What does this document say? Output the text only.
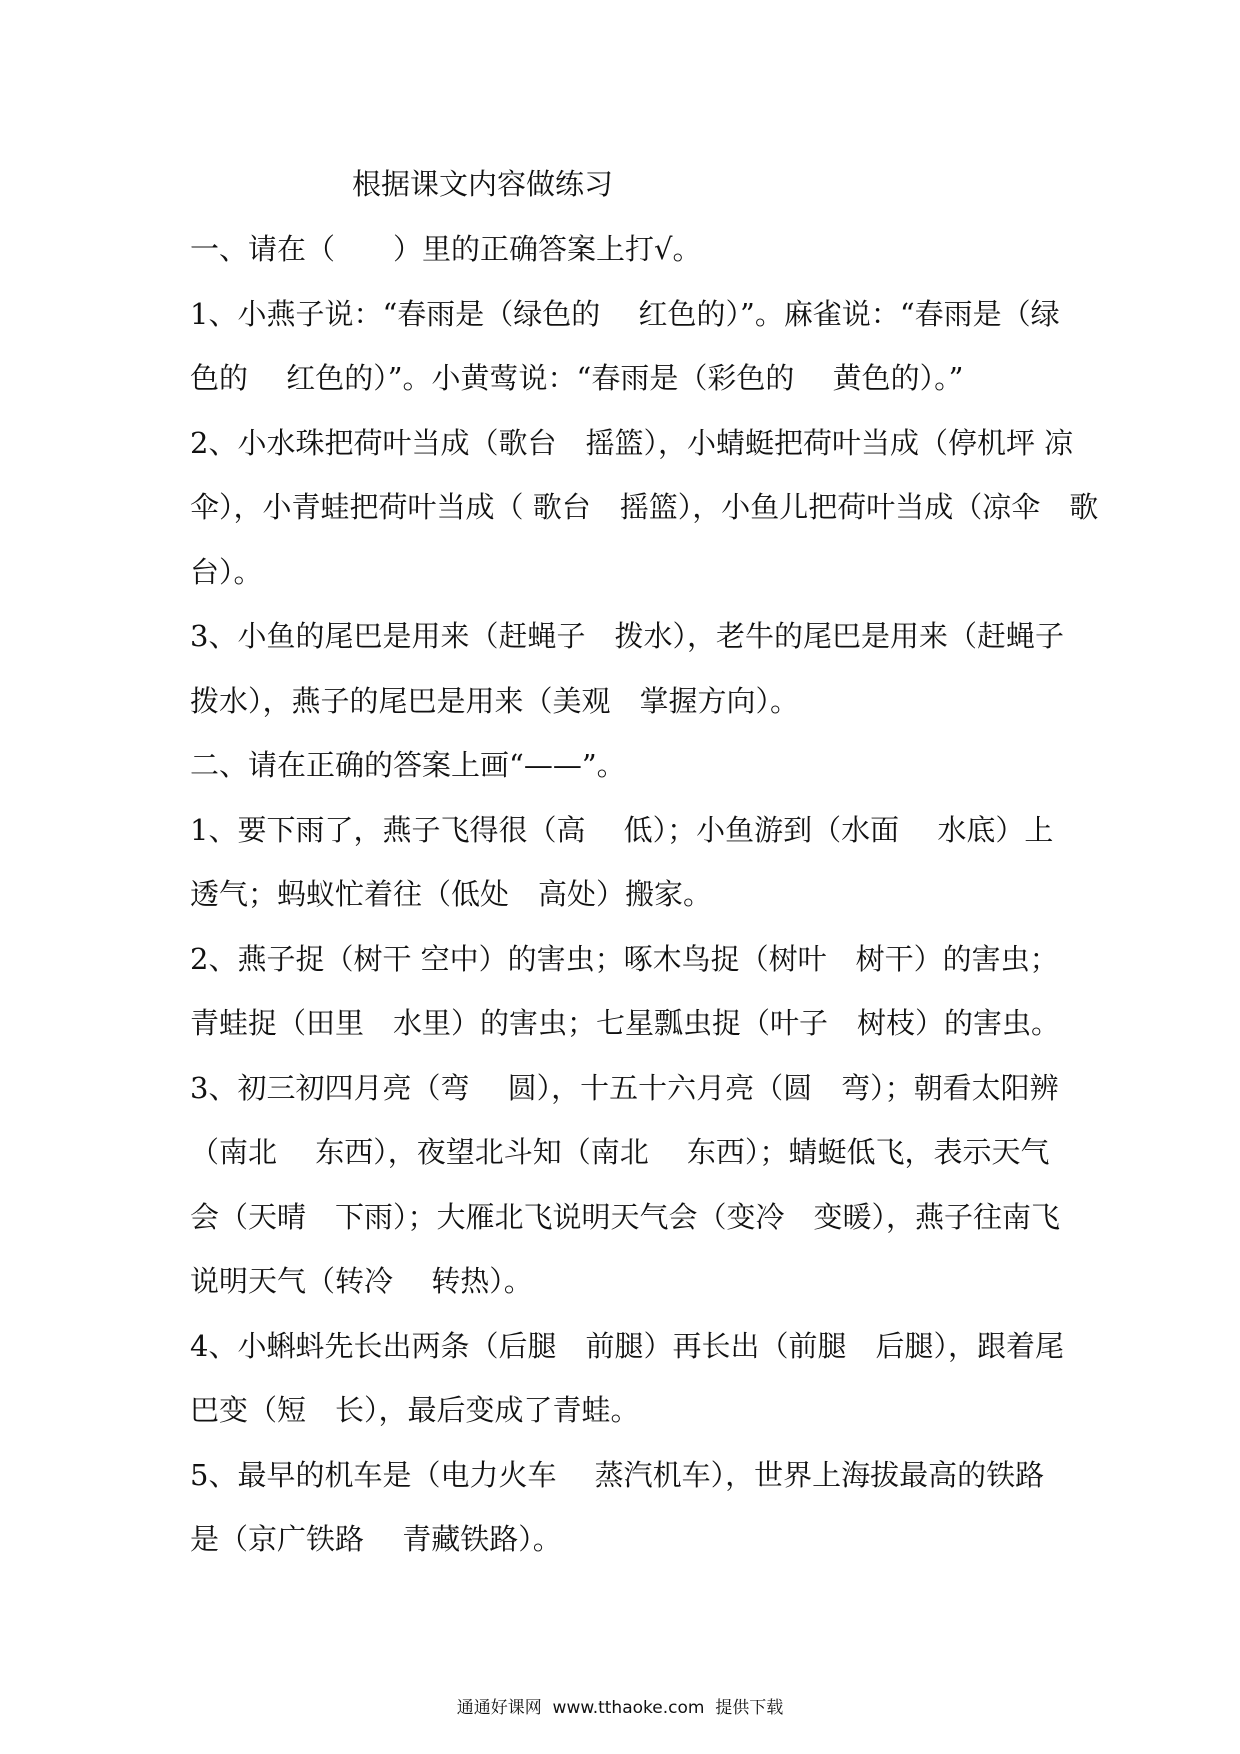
根据课文内容做练习
一、请在（　　）里的正确答案上打√。
1、小燕子说：“春雨是（绿色的　 红色的）”。麻雀说：“春雨是（绿
色的　 红色的）”。小黄莺说：“春雨是（彩色的　 黄色的）。”
2、小水珠把荷叶当成（歌台　摇篮），小蜻蜓把荷叶当成（停机坪 凉
伞），小青蛙把荷叶当成（ 歌台　摇篮），小鱼儿把荷叶当成（凉伞　歌
台）。
3、小鱼的尾巴是用来（赶蝇子　拨水），老牛的尾巴是用来（赶蝇子
拨水），燕子的尾巴是用来（美观　掌握方向）。
二、请在正确的答案上画“——”。
1、要下雨了，燕子飞得很（高　 低）；小鱼游到（水面　 水底）上
透气；蚂蚁忙着往（低处　高处）搬家。
2、燕子捉（树干 空中）的害虫；啄木鸟捉（树叶　树干）的害虫；
青蛙捉（田里　水里）的害虫；七星瓢虫捉（叶子　树枝）的害虫。
3、初三初四月亮（弯　 圆），十五十六月亮（圆　弯）；朝看太阳辨
（南北　 东西），夜望北斗知（南北　 东西）；蜻蜓低飞，表示天气
会（天晴　下雨）；大雁北飞说明天气会（变冷　变暖），燕子往南飞
说明天气（转冷　 转热）。
4、小蝌蚪先长出两条（后腿　前腿）再长出（前腿　后腿），跟着尾
巴变（短　长），最后变成了青蛙。
5、最早的机车是（电力火车　 蒸汽机车），世界上海拔最高的铁路
是（京广铁路　 青藏铁路）。
通通好课网  www.tthaoke.com  提供下载
